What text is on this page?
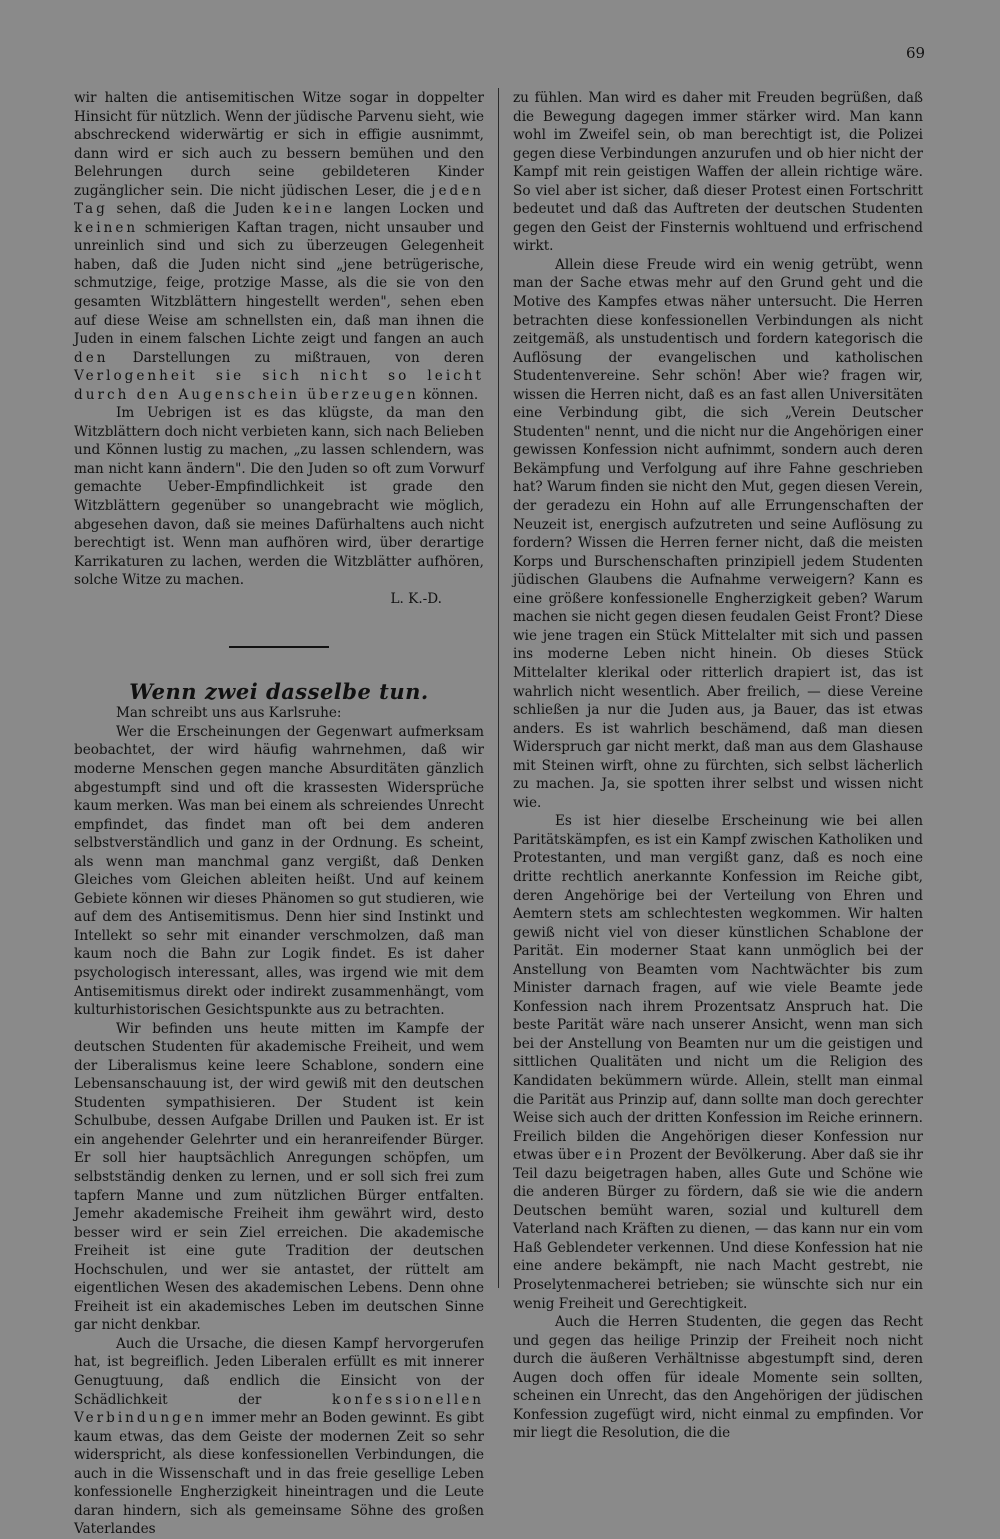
69

wir halten die antisemitischen Witze sogar in doppelter Hinsicht für nützlich. Wenn der jüdische Parvenu sieht, wie abschreckend widerwärtig er sich in effigie ausnimmt, dann wird er sich auch zu bessern bemühen und den Belehrungen durch seine gebildeteren Kinder zugänglicher sein. Die nicht jüdischen Leser, die jeden Tag sehen, daß die Juden keine langen Locken und keinen schmierigen Kaftan tragen, nicht unsauber und unreinlich sind und sich zu überzeugen Gelegenheit haben, daß die Juden nicht sind „jene betrügerische, schmutzige, feige, protzige Masse, als die sie von den gesamten Witzblättern hingestellt werden", sehen eben auf diese Weise am schnellsten ein, daß man ihnen die Juden in einem falschen Lichte zeigt und fangen an auch den Darstellungen zu mißtrauen, von deren Verlogenheit sie sich nicht so leicht durch den Augenschein überzeugen können.

Im Uebrigen ist es das klügste, da man den Witzblättern doch nicht verbieten kann, sich nach Belieben und Können lustig zu machen, „zu lassen schlendern, was man nicht kann ändern". Die den Juden so oft zum Vorwurf gemachte Ueber-Empfindlichkeit ist grade den Witzblättern gegenüber so unangebracht wie möglich, abgesehen davon, daß sie meines Dafürhaltens auch nicht berechtigt ist. Wenn man aufhören wird, über derartige Karrikaturen zu lachen, werden die Witzblätter aufhören, solche Witze zu machen.

L. K.-D.

Wenn zwei dasselbe tun.

Man schreibt uns aus Karlsruhe:

Wer die Erscheinungen der Gegenwart aufmerksam beobachtet, der wird häufig wahrnehmen, daß wir moderne Menschen gegen manche Absurditäten gänzlich abgestumpft sind und oft die krassesten Widersprüche kaum merken. Was man bei einem als schreiendes Unrecht empfindet, das findet man oft bei dem anderen selbstverständlich und ganz in der Ordnung. Es scheint, als wenn man manchmal ganz vergißt, daß Denken Gleiches vom Gleichen ableiten heißt. Und auf keinem Gebiete können wir dieses Phänomen so gut studieren, wie auf dem des Antisemitismus. Denn hier sind Instinkt und Intellekt so sehr mit einander verschmolzen, daß man kaum noch die Bahn zur Logik findet. Es ist daher psychologisch interessant, alles, was irgend wie mit dem Antisemitismus direkt oder indirekt zusammenhängt, vom kulturhistorischen Gesichtspunkte aus zu betrachten.

Wir befinden uns heute mitten im Kampfe der deutschen Studenten für akademische Freiheit, und wem der Liberalismus keine leere Schablone, sondern eine Lebensanschauung ist, der wird gewiß mit den deutschen Studenten sympathisieren. Der Student ist kein Schulbube, dessen Aufgabe Drillen und Pauken ist. Er ist ein angehender Gelehrter und ein heranreifender Bürger. Er soll hier hauptsächlich Anregungen schöpfen, um selbstständig denken zu lernen, und er soll sich frei zum tapfern Manne und zum nützlichen Bürger entfalten. Jemehr akademische Freiheit ihm gewährt wird, desto besser wird er sein Ziel erreichen. Die akademische Freiheit ist eine gute Tradition der deutschen Hochschulen, und wer sie antastet, der rüttelt am eigentlichen Wesen des akademischen Lebens. Denn ohne Freiheit ist ein akademisches Leben im deutschen Sinne gar nicht denkbar.

Auch die Ursache, die diesen Kampf hervorgerufen hat, ist begreiflich. Jeden Liberalen erfüllt es mit innerer Genugtuung, daß endlich die Einsicht von der Schädlichkeit der	konfessionellen Verbindungen immer mehr an Boden gewinnt. Es gibt kaum etwas, das dem Geiste der modernen Zeit so sehr widerspricht, als diese konfessionellen Verbindungen, die auch in die Wissenschaft und in das freie gesellige Leben konfessionelle Engherzigkeit hineintragen und die Leute daran hindern, sich als gemeinsame Söhne des großen Vaterlandes

zu fühlen. Man wird es daher mit Freuden begrüßen, daß die Bewegung dagegen immer stärker wird. Man kann wohl im Zweifel sein, ob man berechtigt ist, die Polizei gegen diese Verbindungen anzurufen und ob hier nicht der Kampf mit rein geistigen Waffen der allein richtige wäre. So viel aber ist sicher, daß dieser Protest einen Fortschritt bedeutet und daß das Auftreten der deutschen Studenten gegen den Geist der Finsternis wohltuend und erfrischend wirkt.

Allein diese Freude wird ein wenig getrübt, wenn man der Sache etwas mehr auf den Grund geht und die Motive des Kampfes etwas näher untersucht. Die Herren betrachten diese konfessionellen Verbindungen als nicht zeitgemäß, als unstudentisch und fordern kategorisch die Auflösung der evangelischen und katholischen Studentenvereine. Sehr schön! Aber wie? fragen wir, wissen die Herren nicht, daß es an fast allen Universitäten eine Verbindung gibt, die sich „Verein Deutscher Studenten" nennt, und die nicht nur die Angehörigen einer gewissen Konfession nicht aufnimmt, sondern auch deren Bekämpfung und Verfolgung auf ihre Fahne geschrieben hat? Warum finden sie nicht den Mut, gegen diesen Verein, der geradezu ein Hohn auf alle Errungenschaften der Neuzeit ist, energisch aufzutreten und seine Auflösung zu fordern? Wissen die Herren ferner nicht, daß die meisten Korps und Burschenschaften prinzipiell jedem Studenten jüdischen Glaubens die Aufnahme verweigern? Kann es eine größere konfessionelle Engherzigkeit geben? Warum machen sie nicht gegen diesen feudalen Geist Front? Diese wie jene tragen ein Stück Mittelalter mit sich und passen ins moderne Leben nicht hinein. Ob dieses Stück Mittelalter klerikal oder ritterlich drapiert ist, das ist wahrlich nicht wesentlich. Aber freilich, — diese Vereine schließen ja nur die Juden aus, ja Bauer, das ist etwas anders. Es ist wahrlich beschämend, daß man diesen Widerspruch gar nicht merkt, daß man aus dem Glashause mit Steinen wirft, ohne zu fürchten, sich selbst lächerlich zu machen. Ja, sie spotten ihrer selbst und wissen nicht wie.

Es ist hier dieselbe Erscheinung wie bei allen Paritätskämpfen, es ist ein Kampf zwischen Katholiken und Protestanten, und man vergißt ganz, daß es noch eine dritte rechtlich anerkannte Konfession im Reiche gibt, deren Angehörige bei der Verteilung von Ehren und Aemtern stets am schlechtesten wegkommen. Wir halten gewiß nicht viel von dieser künstlichen Schablone der Parität. Ein moderner Staat kann unmöglich bei der Anstellung von Beamten vom Nachtwächter bis zum Minister darnach fragen, auf wie viele Beamte jede Konfession nach ihrem Prozentsatz Anspruch hat. Die beste Parität wäre nach unserer Ansicht, wenn man sich bei der Anstellung von Beamten nur um die geistigen und sittlichen Qualitäten und nicht um die Religion des Kandidaten bekümmern würde. Allein, stellt man einmal die Parität aus Prinzip auf, dann sollte man doch gerechter Weise sich auch der dritten Konfession im Reiche erinnern. Freilich bilden die Angehörigen dieser Konfession nur etwas über ein Prozent der Bevölkerung. Aber daß sie ihr Teil dazu beigetragen haben, alles Gute und Schöne wie die anderen Bürger zu fördern, daß sie wie die andern Deutschen bemüht waren, sozial und kulturell dem Vaterland nach Kräften zu dienen, — das kann nur ein vom Haß Geblendeter verkennen. Und diese Konfession hat nie eine andere bekämpft, nie nach Macht gestrebt, nie Proselytenmacherei betrieben; sie wünschte sich nur ein wenig Freiheit und Gerechtigkeit.

Auch die Herren Studenten, die gegen das Recht und gegen das heilige Prinzip der Freiheit noch nicht durch die äußeren Verhältnisse abgestumpft sind, deren Augen doch offen für ideale Momente sein sollten, scheinen ein Unrecht, das den Angehörigen der jüdischen Konfession zugefügt wird, nicht einmal zu empfinden. Vor mir liegt die Resolution, die die
